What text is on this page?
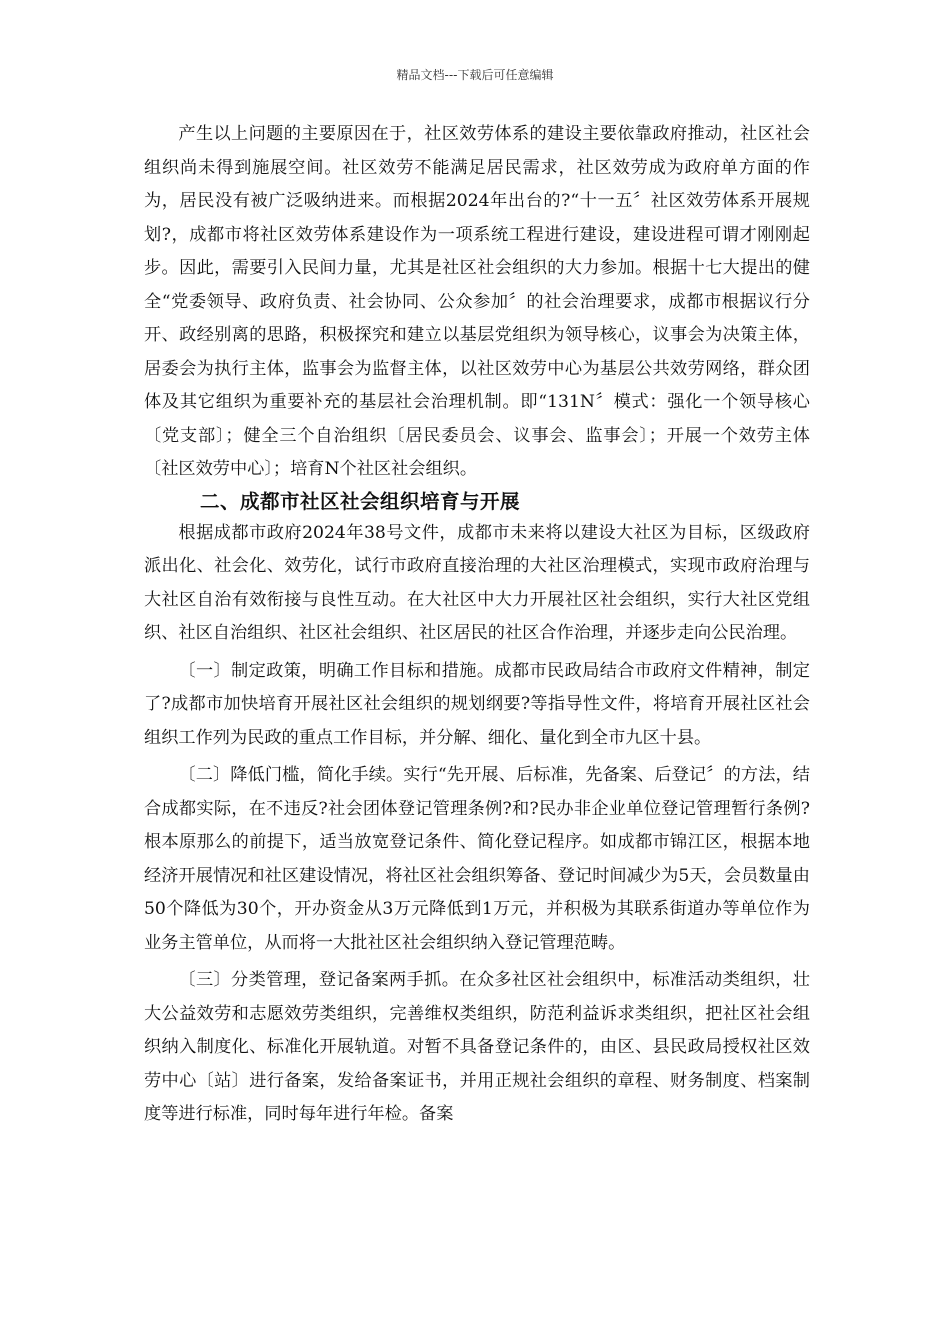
精品文档---下载后可任意编辑

产生以上问题的主要原因在于，社区效劳体系的建设主要依靠政府推动，社区社会组织尚未得到施展空间。社区效劳不能满足居民需求，社区效劳成为政府单方面的作为，居民没有被广泛吸纳进来。而根据2024年出台的?“十一五〞社区效劳体系开展规划?，成都市将社区效劳体系建设作为一项系统工程进行建设，建设进程可谓才刚刚起步。因此，需要引入民间力量，尤其是社区社会组织的大力参加。根据十七大提出的健全“党委领导、政府负责、社会协同、公众参加〞的社会治理要求，成都市根据议行分开、政经别离的思路，积极探究和建立以基层党组织为领导核心，议事会为决策主体，居委会为执行主体，监事会为监督主体，以社区效劳中心为基层公共效劳网络，群众团体及其它组织为重要补充的基层社会治理机制。即“131N〞模式：强化一个领导核心〔党支部〕；健全三个自治组织〔居民委员会、议事会、监事会〕；开展一个效劳主体〔社区效劳中心〕；培育N个社区社会组织。

二、成都市社区社会组织培育与开展

根据成都市政府2024年38号文件，成都市未来将以建设大社区为目标，区级政府派出化、社会化、效劳化，试行市政府直接治理的大社区治理模式，实现市政府治理与大社区自治有效衔接与良性互动。在大社区中大力开展社区社会组织，实行大社区党组织、社区自治组织、社区社会组织、社区居民的社区合作治理，并逐步走向公民治理。

〔一〕制定政策，明确工作目标和措施。成都市民政局结合市政府文件精神，制定了?成都市加快培育开展社区社会组织的规划纲要?等指导性文件，将培育开展社区社会组织工作列为民政的重点工作目标，并分解、细化、量化到全市九区十县。

〔二〕降低门槛，简化手续。实行“先开展、后标准，先备案、后登记〞的方法，结合成都实际，在不违反?社会团体登记管理条例?和?民办非企业单位登记管理暂行条例?根本原那么的前提下，适当放宽登记条件、简化登记程序。如成都市锦江区，根据本地经济开展情况和社区建设情况，将社区社会组织筹备、登记时间减少为5天，会员数量由50个降低为30个，开办资金从3万元降低到1万元，并积极为其联系街道办等单位作为业务主管单位，从而将一大批社区社会组织纳入登记管理范畴。

〔三〕分类管理，登记备案两手抓。在众多社区社会组织中，标准活动类组织，壮大公益效劳和志愿效劳类组织，完善维权类组织，防范利益诉求类组织，把社区社会组织纳入制度化、标准化开展轨道。对暂不具备登记条件的，由区、县民政局授权社区效劳中心〔站〕进行备案，发给备案证书，并用正规社会组织的章程、财务制度、档案制度等进行标准，同时每年进行年检。备案
